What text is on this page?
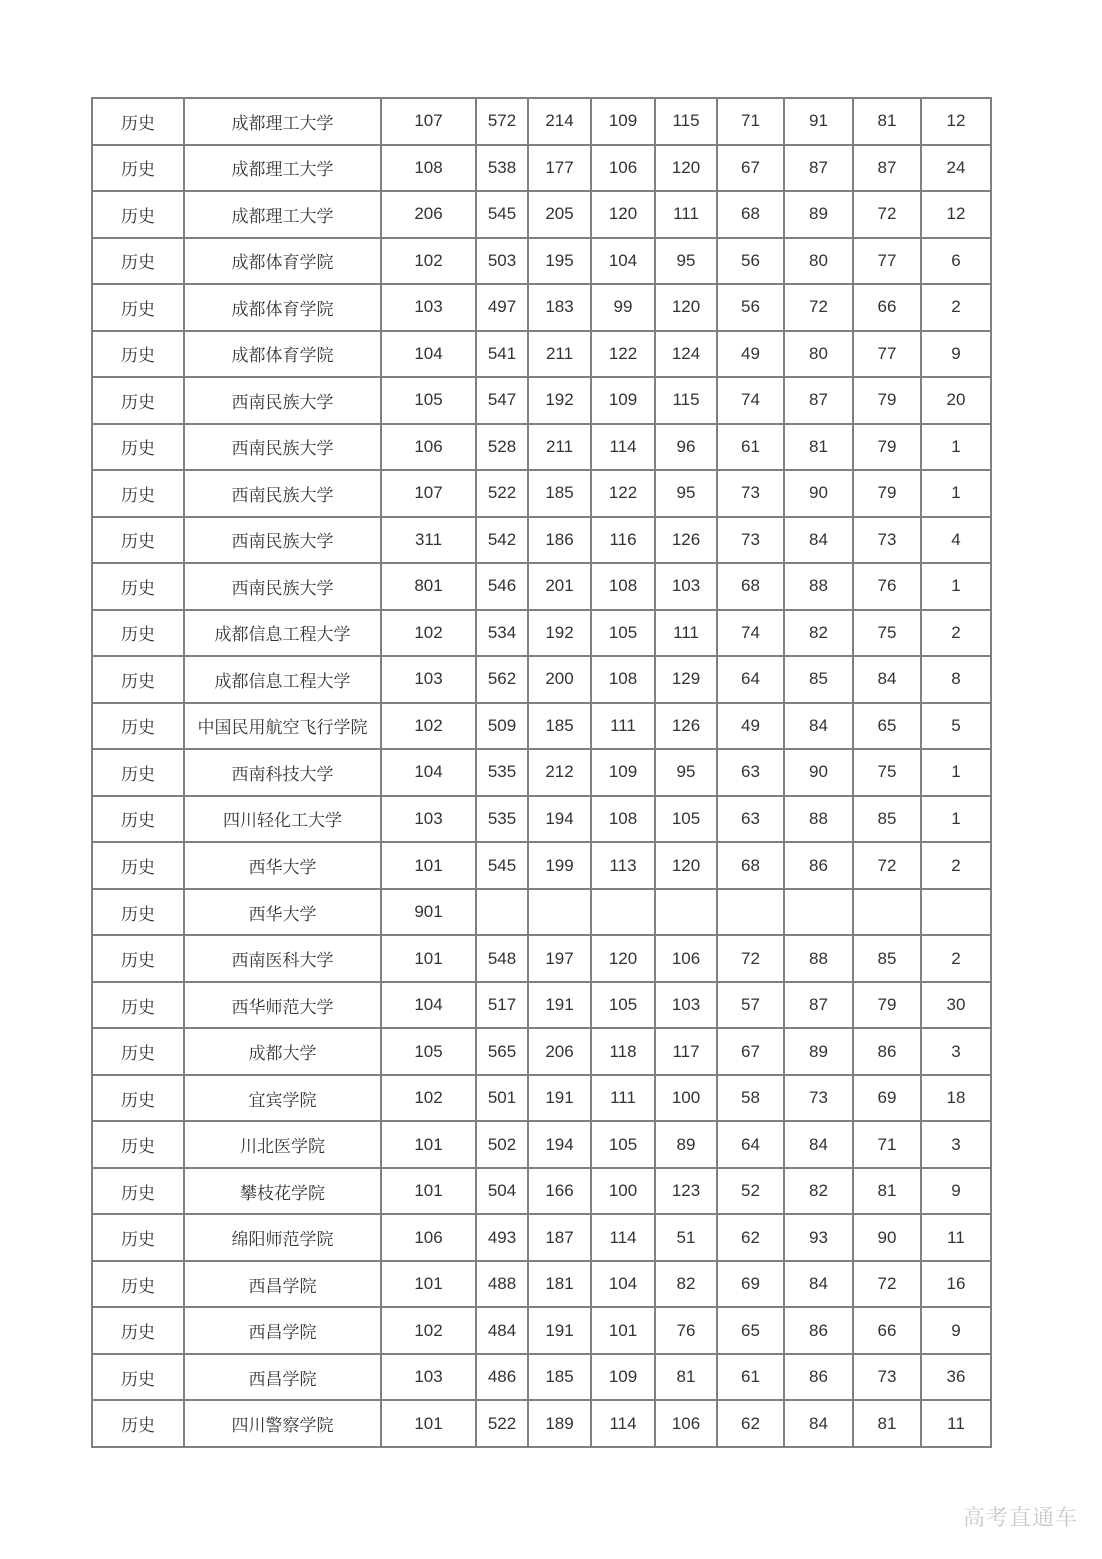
历史	成都理工大学	107	572	214	109	115	71	91	81	12
历史	成都理工大学	108	538	177	106	120	67	87	87	24
历史	成都理工大学	206	545	205	120	111	68	89	72	12
历史	成都体育学院	102	503	195	104	95	56	80	77	6
历史	成都体育学院	103	497	183	99	120	56	72	66	2
历史	成都体育学院	104	541	211	122	124	49	80	77	9
历史	西南民族大学	105	547	192	109	115	74	87	79	20
历史	西南民族大学	106	528	211	114	96	61	81	79	1
历史	西南民族大学	107	522	185	122	95	73	90	79	1
历史	西南民族大学	311	542	186	116	126	73	84	73	4
历史	西南民族大学	801	546	201	108	103	68	88	76	1
历史	成都信息工程大学	102	534	192	105	111	74	82	75	2
历史	成都信息工程大学	103	562	200	108	129	64	85	84	8
历史	中国民用航空飞行学院	102	509	185	111	126	49	84	65	5
历史	西南科技大学	104	535	212	109	95	63	90	75	1
历史	四川轻化工大学	103	535	194	108	105	63	88	85	1
历史	西华大学	101	545	199	113	120	68	86	72	2
历史	西华大学	901								
历史	西南医科大学	101	548	197	120	106	72	88	85	2
历史	西华师范大学	104	517	191	105	103	57	87	79	30
历史	成都大学	105	565	206	118	117	67	89	86	3
历史	宜宾学院	102	501	191	111	100	58	73	69	18
历史	川北医学院	101	502	194	105	89	64	84	71	3
历史	攀枝花学院	101	504	166	100	123	52	82	81	9
历史	绵阳师范学院	106	493	187	114	51	62	93	90	11
历史	西昌学院	101	488	181	104	82	69	84	72	16
历史	西昌学院	102	484	191	101	76	65	86	66	9
历史	西昌学院	103	486	185	109	81	61	86	73	36
历史	四川警察学院	101	522	189	114	106	62	84	81	11
高考直通车
